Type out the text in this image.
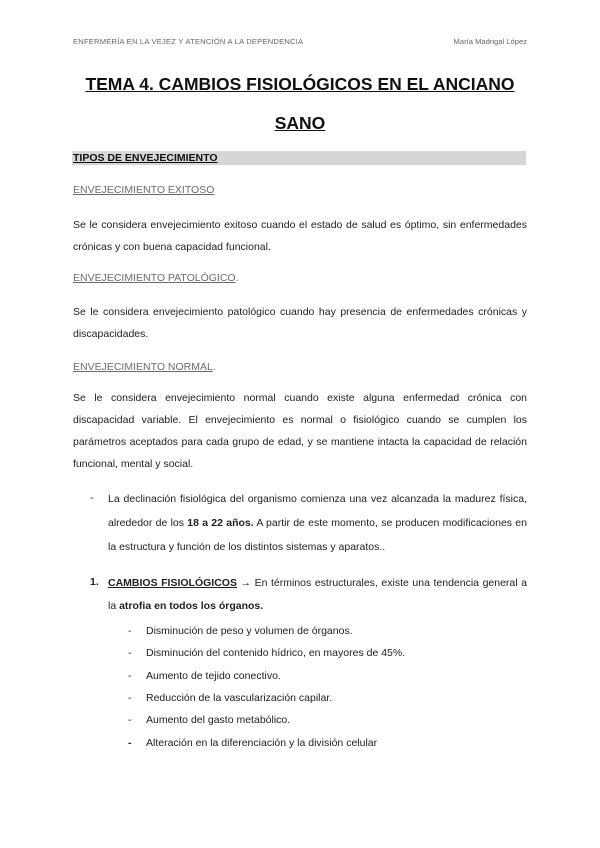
ENFERMERÍA EN LA VEJEZ Y ATENCIÓN A LA DEPENDENCIA	María Madrigal López
TEMA 4. CAMBIOS FISIOLÓGICOS EN EL ANCIANO
SANO
TIPOS DE ENVEJECIMIENTO
ENVEJECIMIENTO EXITOSO
Se le considera envejecimiento exitoso cuando el estado de salud es óptimo, sin enfermedades crónicas y con buena capacidad funcional.
ENVEJECIMIENTO PATOLÓGICO.
Se le considera envejecimiento patológico cuando hay presencia de enfermedades crónicas y discapacidades.
ENVEJECIMIENTO NORMAL.
Se le considera envejecimiento normal cuando existe alguna enfermedad crónica con discapacidad variable. El envejecimiento es normal o fisiológico cuando se cumplen los parámetros aceptados para cada grupo de edad, y se mantiene intacta la capacidad de relación funcional, mental y social.
- La declinación fisiológica del organismo comienza una vez alcanzada la madurez física, alrededor de los 18 a 22 años. A partir de este momento, se producen modificaciones en la estructura y función de los distintos sistemas y aparatos..
1. CAMBIOS FISIOLÓGICOS → En términos estructurales, existe una tendencia general a la atrofia en todos los órganos.
- Disminución de peso y volumen de órganos.
- Disminución del contenido hídrico, en mayores de 45%.
- Aumento de tejido conectivo.
- Reducción de la vascularización capilar.
- Aumento del gasto metabólico.
- Alteración en la diferenciación y la división celular
